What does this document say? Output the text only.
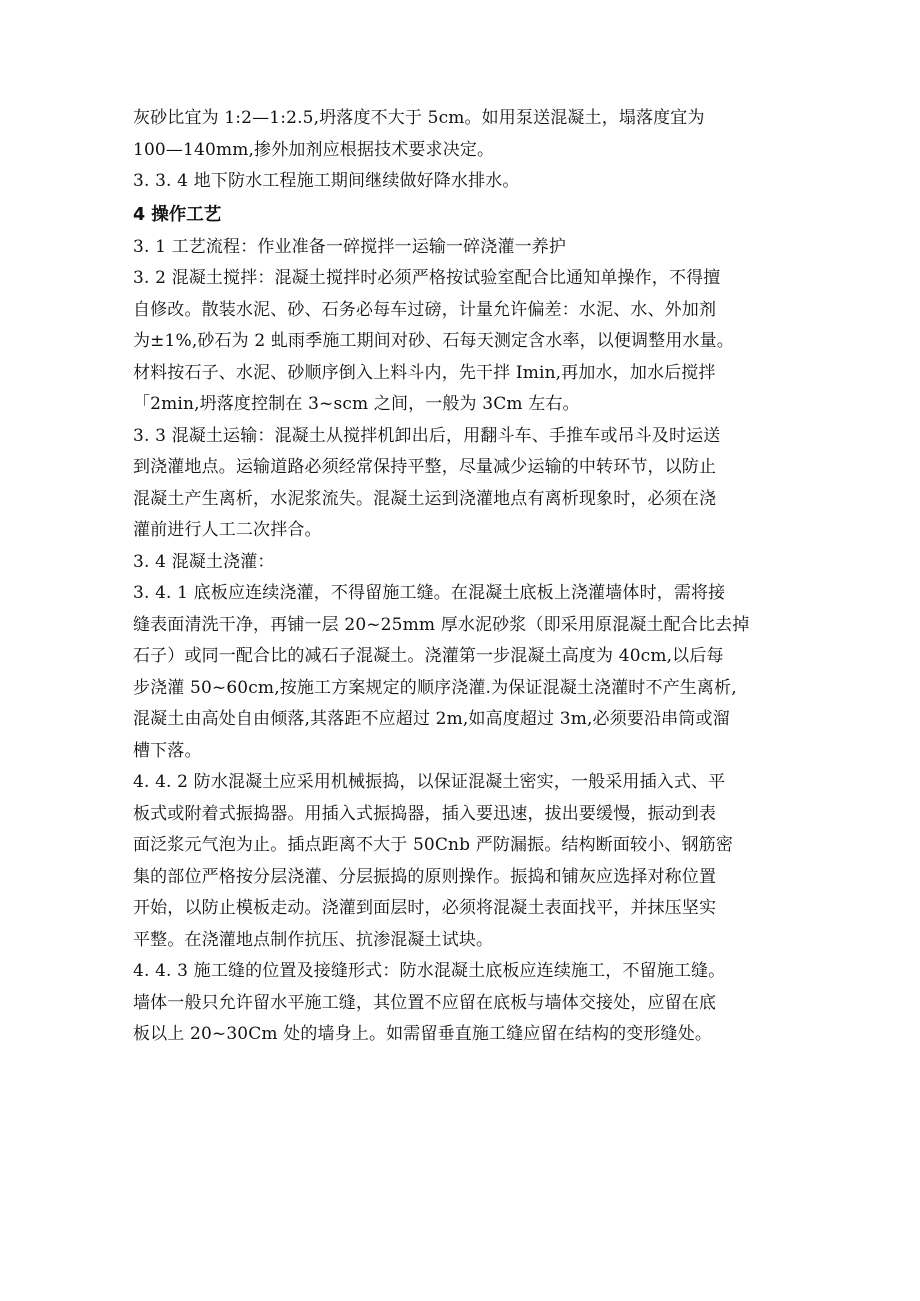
灰砂比宜为 1:2—1:2.5,坍落度不大于 5cm。如用泵送混凝土，塌落度宜为
100—140mm,掺外加剂应根据技术要求决定。
3. 3. 4 地下防水工程施工期间继续做好降水排水。
4 操作工艺
3. 1 工艺流程：作业准备一碎搅拌一运输一碎浇灌一养护
3. 2 混凝土搅拌：混凝土搅拌时必须严格按试验室配合比通知单操作，不得擅
自修改。散装水泥、砂、石务必每车过磅，计量允许偏差：水泥、水、外加剂
为±1%,砂石为 2 虬雨季施工期间对砂、石每天测定含水率，以便调整用水量。
材料按石子、水泥、砂顺序倒入上料斗内，先干拌 Imin,再加水，加水后搅拌
「2min,坍落度控制在 3~scm 之间，一般为 3Cm 左右。
3. 3 混凝土运输：混凝土从搅拌机卸出后，用翻斗车、手推车或吊斗及时运送
到浇灌地点。运输道路必须经常保持平整，尽量减少运输的中转环节，以防止
混凝土产生离析，水泥浆流失。混凝土运到浇灌地点有离析现象时，必须在浇
灌前进行人工二次拌合。
3. 4 混凝土浇灌：
3. 4. 1 底板应连续浇灌，不得留施工缝。在混凝土底板上浇灌墙体时，需将接
缝表面清洗干净，再铺一层 20~25mm 厚水泥砂浆（即采用原混凝土配合比去掉
石子）或同一配合比的减石子混凝土。浇灌第一步混凝土高度为 40cm,以后每
步浇灌 50~60cm,按施工方案规定的顺序浇灌.为保证混凝土浇灌时不产生离析,
混凝土由高处自由倾落,其落距不应超过 2m,如高度超过 3m,必须要沿串筒或溜
槽下落。
4. 4. 2 防水混凝土应采用机械振捣，以保证混凝土密实，一般采用插入式、平
板式或附着式振捣器。用插入式振捣器，插入要迅速，拔出要缓慢，振动到表
面泛浆元气泡为止。插点距离不大于 50Cnb 严防漏振。结构断面较小、钢筋密
集的部位严格按分层浇灌、分层振捣的原则操作。振捣和铺灰应选择对称位置
开始，以防止模板走动。浇灌到面层时，必须将混凝土表面找平，并抹压坚实
平整。在浇灌地点制作抗压、抗渗混凝土试块。
4. 4. 3 施工缝的位置及接缝形式：防水混凝土底板应连续施工，不留施工缝。
墙体一般只允许留水平施工缝，其位置不应留在底板与墙体交接处，应留在底
板以上 20~30Cm 处的墙身上。如需留垂直施工缝应留在结构的变形缝处。
